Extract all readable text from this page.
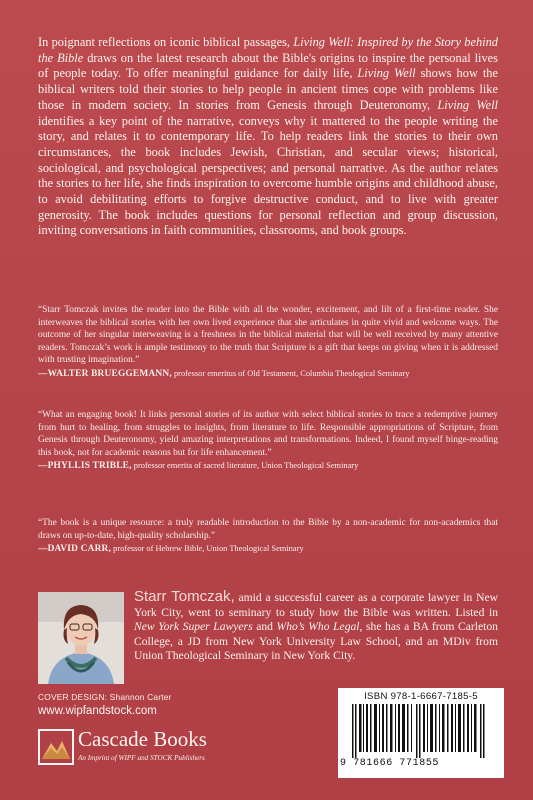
In poignant reflections on iconic biblical passages, Living Well: Inspired by the Story behind the Bible draws on the latest research about the Bible's origins to inspire the personal lives of people today. To offer meaningful guidance for daily life, Living Well shows how the biblical writers told their stories to help people in ancient times cope with problems like those in modern society. In stories from Genesis through Deuteronomy, Living Well identifies a key point of the narrative, conveys why it mattered to the people writing the story, and relates it to contemporary life. To help readers link the stories to their own circumstances, the book includes Jewish, Christian, and secular views; historical, sociological, and psychological perspectives; and personal narrative. As the author relates the stories to her life, she finds inspiration to overcome humble origins and childhood abuse, to avoid debilitating efforts to forgive destructive conduct, and to live with greater generosity. The book includes questions for personal reflection and group discussion, inviting conversations in faith communities, classrooms, and book groups.
“Starr Tomczak invites the reader into the Bible with all the wonder, excitement, and lilt of a first-time reader. She interweaves the biblical stories with her own lived experience that she articulates in quite vivid and welcome ways. The outcome of her singular interweaving is a freshness in the biblical material that will be well received by many attentive readers. Tomczak’s work is ample testimony to the truth that Scripture is a gift that keeps on giving when it is addressed with trusting imagination.”
—WALTER BRUEGGEMANN, professor emeritus of Old Testament, Columbia Theological Seminary
“What an engaging book! It links personal stories of its author with select biblical stories to trace a redemptive journey from hurt to healing, from struggles to insights, from literature to life. Responsible appropriations of Scripture, from Genesis through Deuteronomy, yield amazing interpretations and transformations. Indeed, I found myself binge-reading this book, not for academic reasons but for life enhancement.”
—PHYLLIS TRIBLE, professor emerita of sacred literature, Union Theological Seminary
“The book is a unique resource: a truly readable introduction to the Bible by a non-academic for non-academics that draws on up-to-date, high-quality scholarship.”
—DAVID CARR, professor of Hebrew Bible, Union Theological Seminary
Starr Tomczak, amid a successful career as a corporate lawyer in New York City, went to seminary to study how the Bible was written. Listed in New York Super Lawyers and Who’s Who Legal, she has a BA from Carleton College, a JD from New York University Law School, and an MDiv from Union Theological Seminary in New York City.
COVER DESIGN: Shannon Carter
www.wipfandstock.com
Cascade Books
An Imprint of WIPF and STOCK Publishers
ISBN 978-1-6667-7185-5
9 781666 771855
